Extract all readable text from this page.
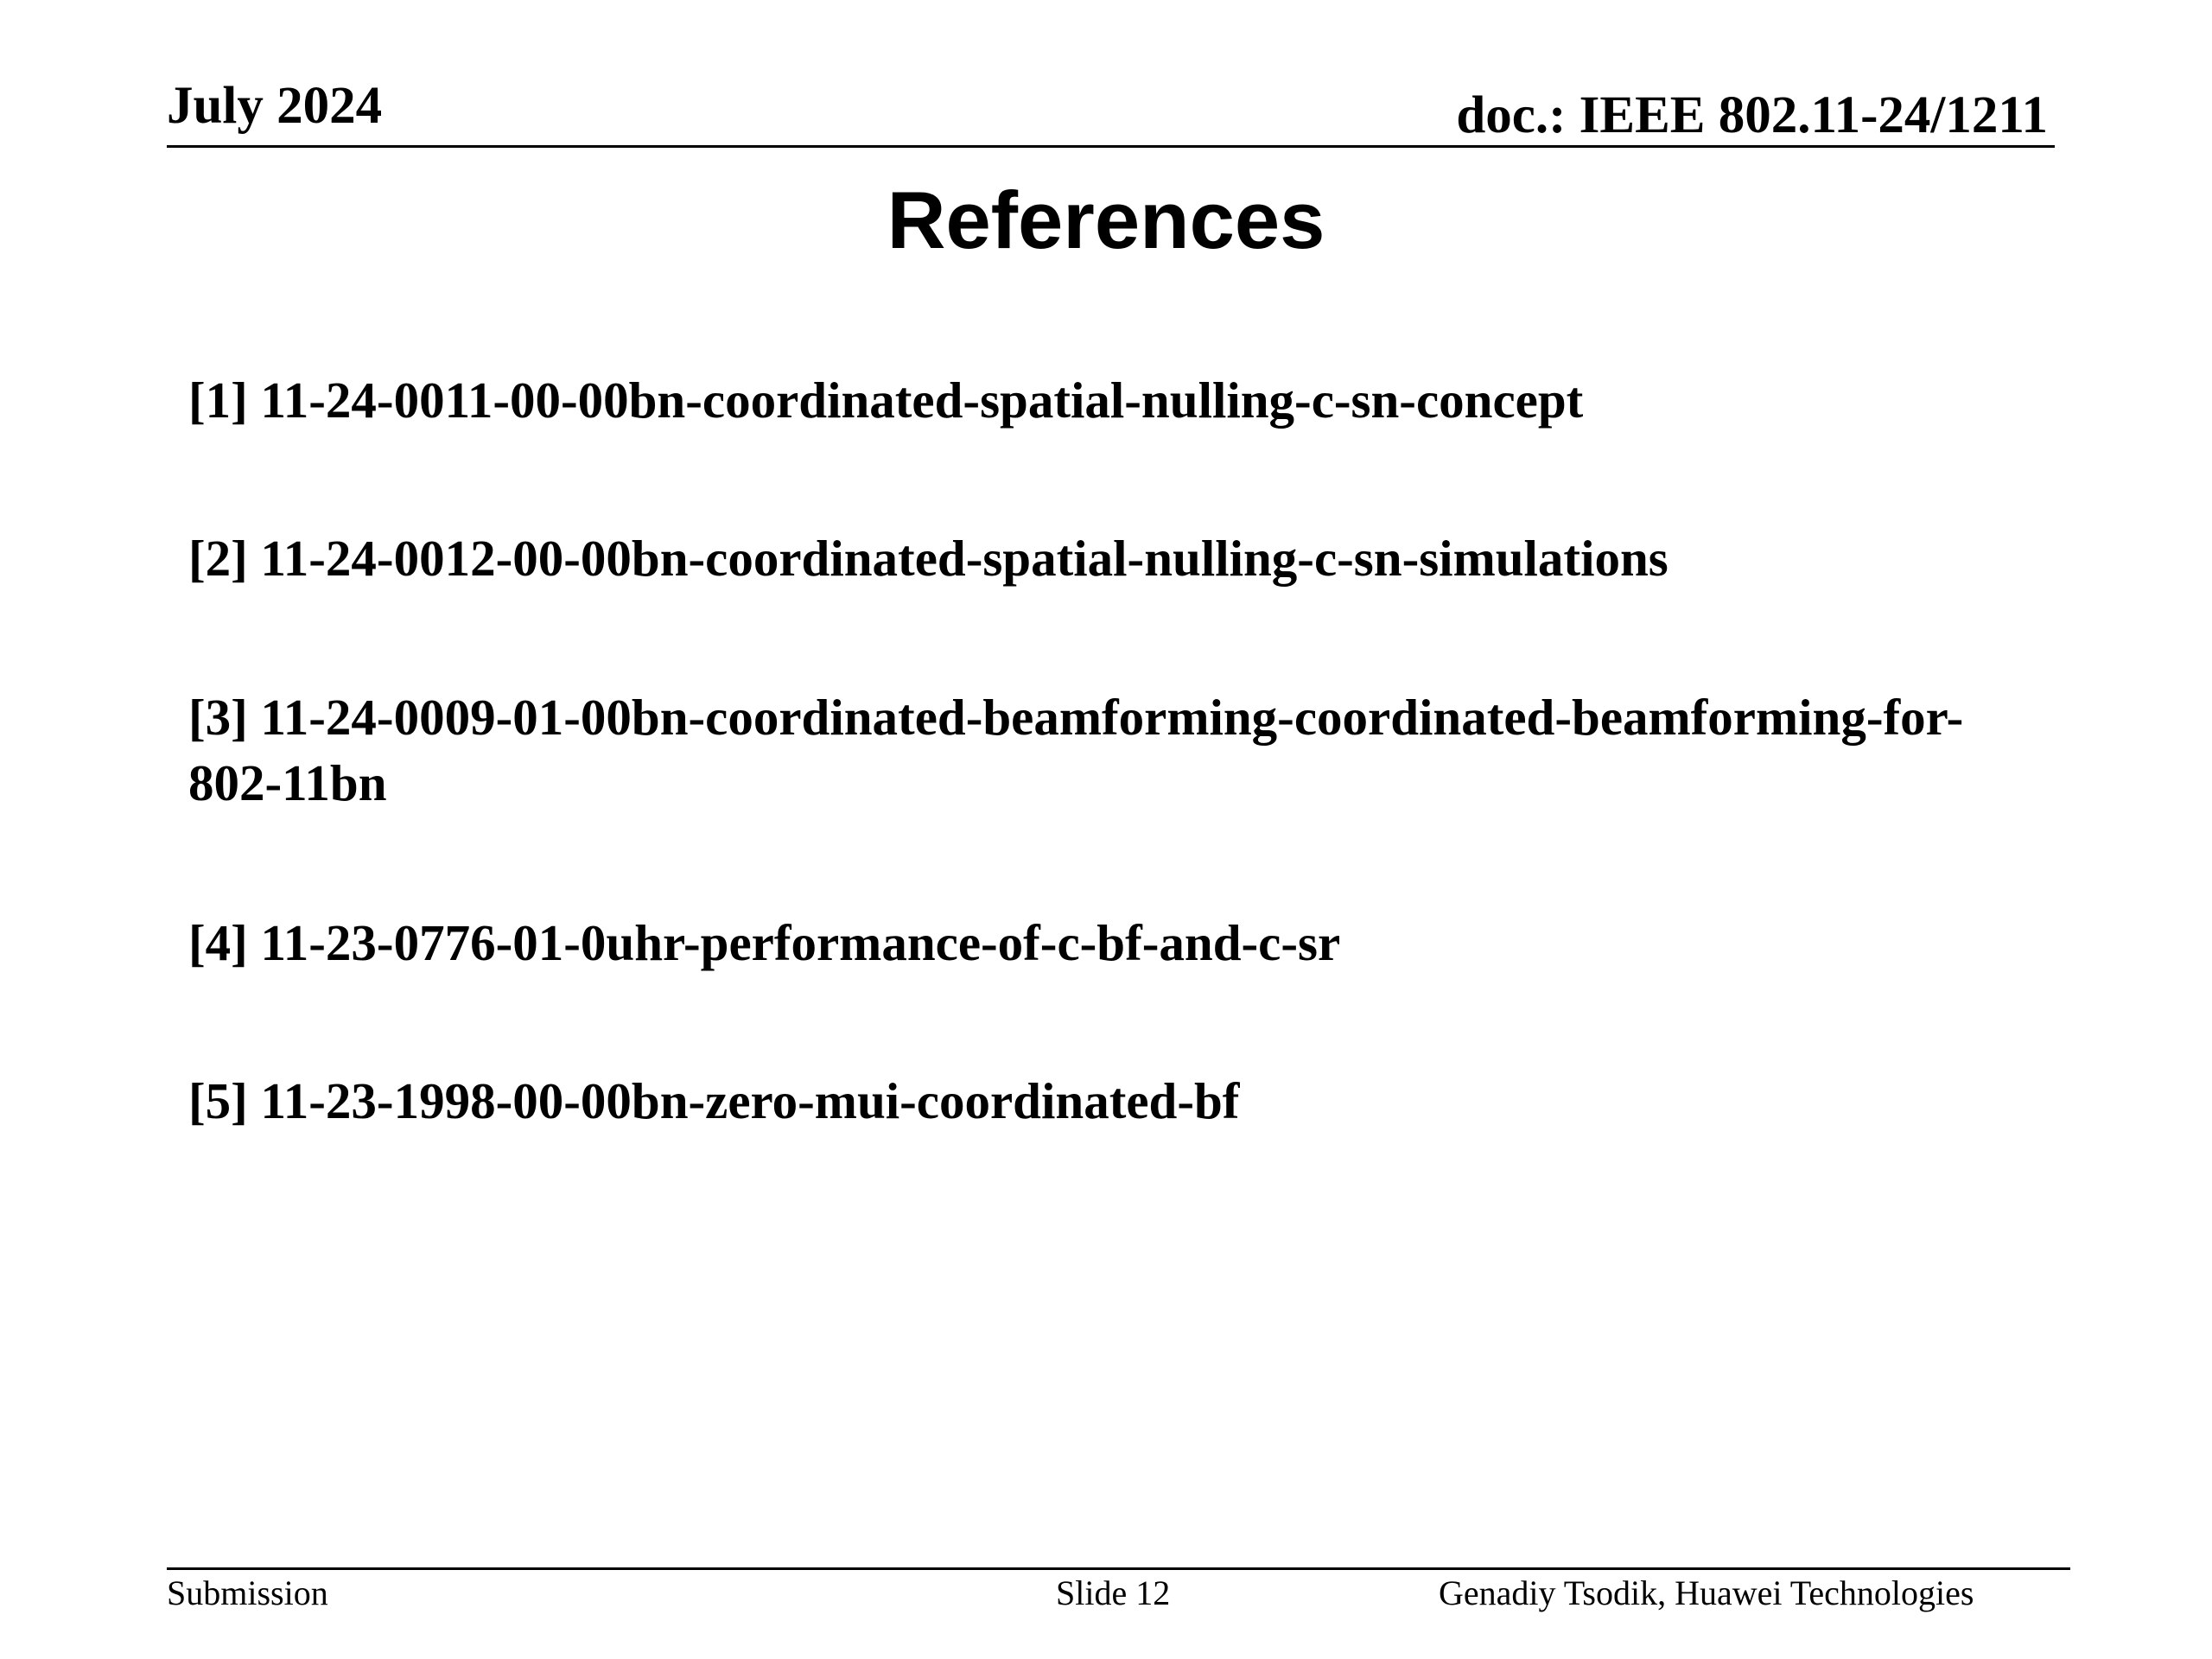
July 2024	doc.: IEEE 802.11-24/1211
References
[1] 11-24-0011-00-00bn-coordinated-spatial-nulling-c-sn-concept
[2] 11-24-0012-00-00bn-coordinated-spatial-nulling-c-sn-simulations
[3] 11-24-0009-01-00bn-coordinated-beamforming-coordinated-beamforming-for-802-11bn
[4] 11-23-0776-01-0uhr-performance-of-c-bf-and-c-sr
[5] 11-23-1998-00-00bn-zero-mui-coordinated-bf
Submission	Slide 12	Genadiy Tsodik, Huawei Technologies
